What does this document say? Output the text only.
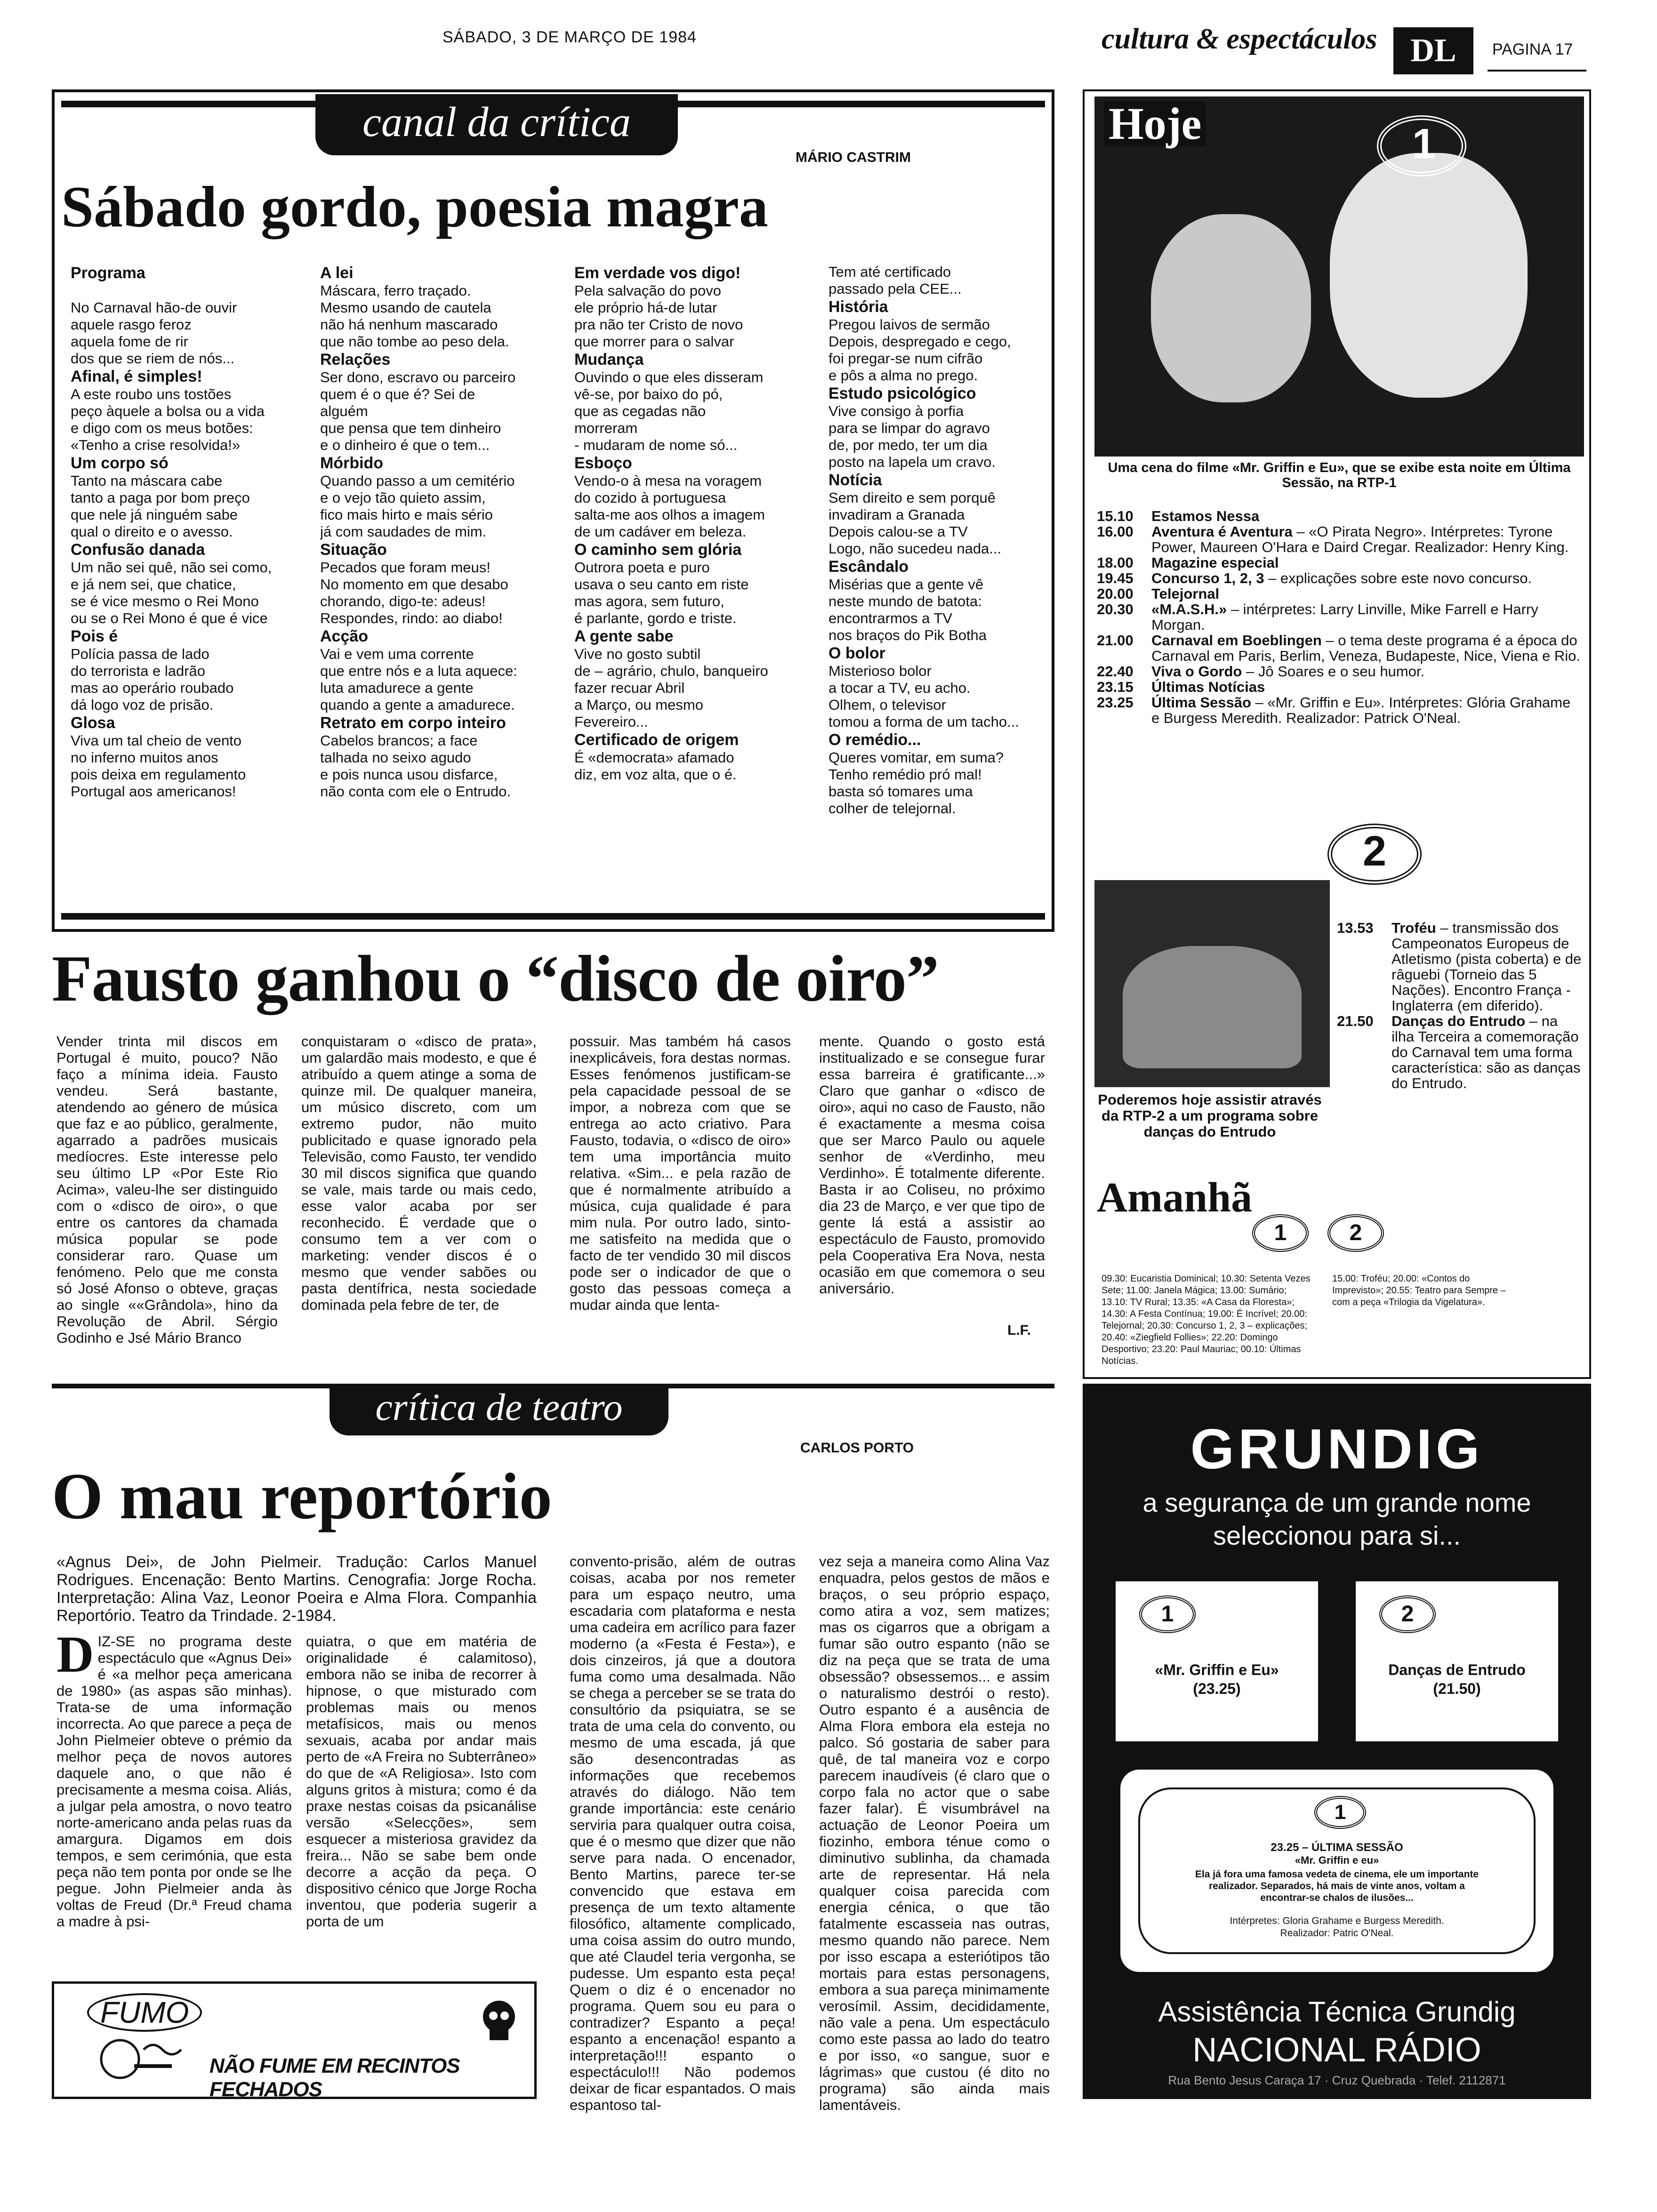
SÁBADO, 3 DE MARÇO DE 1984	cultura & espectáculos	DL	PAGINA 17
canal da crítica
MÁRIO CASTRIM
Sábado gordo, poesia magra
Programa

No Carnaval hão-de ouvir
aquele rasgo feroz
aquela fome de rir
dos que se riem de nós...
Afinal, é simples!
A este roubo uns tostões
peço àquele a bolsa ou a vida
e digo com os meus botões:
«Tenho a crise resolvida!»
Um corpo só
Tanto na máscara cabe
tanto a paga por bom preço
que nele já ninguém sabe
qual o direito e o avesso.
Confusão danada
Um não sei quê, não sei como,
e já nem sei, que chatice,
se é vice mesmo o Rei Mono
ou se o Rei Mono é que é vice
Pois é
Polícia passa de lado
do terrorista e ladrão
mas ao operário roubado
dá logo voz de prisão.
Glosa
Viva um tal cheio de vento
no inferno muitos anos
pois deixa em regulamento
Portugal aos americanos!
A lei
Máscara, ferro traçado.
Mesmo usando de cautela
não há nenhum mascarado
que não tombe ao peso dela.
Relações
Ser dono, escravo ou parceiro
quem é o que é? Sei de
alguém
que pensa que tem dinheiro
e o dinheiro é que o tem...
Mórbido
Quando passo a um cemitério
e o vejo tão quieto assim,
fico mais hirto e mais sério
já com saudades de mim.
Situação
Pecados que foram meus!
No momento em que desabo
chorando, digo-te: adeus!
Respondes, rindo: ao diabo!
Acção
Vai e vem uma corrente
que entre nós e a luta aquece:
luta amadurece a gente
quando a gente a amadurece.
Retrato em corpo inteiro
Cabelos brancos; a face
talhada no seixo agudo
e pois nunca usou disfarce,
não conta com ele o Entrudo.
Em verdade vos digo!
Pela salvação do povo
ele próprio há-de lutar
pra não ter Cristo de novo
que morrer para o salvar
Mudança
Ouvindo o que eles disseram
vê-se, por baixo do pó,
que as cegadas não
morreram
- mudaram de nome só...
Esboço
Vendo-o à mesa na voragem
do cozido à portuguesa
salta-me aos olhos a imagem
de um cadáver em beleza.
O caminho sem glória
Outrora poeta e puro
usava o seu canto em riste
mas agora, sem futuro,
é parlante, gordo e triste.
A gente sabe
Vive no gosto subtil
de – agrário, chulo, banqueiro
fazer recuar Abril
a Março, ou mesmo
Fevereiro...
Certificado de origem
É «democrata» afamado
diz, em voz alta, que o é.
Tem até certificado
passado pela CEE...
História
Pregou laivos de sermão
Depois, despregado e cego,
foi pregar-se num cifrão
e pôs a alma no prego.
Estudo psicológico
Vive consigo à porfia
para se limpar do agravo
de, por medo, ter um dia
posto na lapela um cravo.
Notícia
Sem direito e sem porquê
invadiram a Granada
Depois calou-se a TV
Logo, não sucedeu nada...
Escândalo
Misérias que a gente vê
neste mundo de batota:
encontrarmos a TV
nos braços do Pik Botha
O bolor
Misterioso bolor
a tocar a TV, eu acho.
Olhem, o televisor
tomou a forma de um tacho...
O remédio...
Queres vomitar, em suma?
Tenho remédio pró mal!
basta só tomares uma
colher de telejornal.
Fausto ganhou o “disco de oiro”
Vender trinta mil discos em Portugal é muito, pouco? Não faço a mínima ideia. Fausto vendeu. Será bastante, atendendo ao género de música que faz e ao público, geralmente, agarrado a padrões musicais medíocres. Este interesse pelo seu último LP «Por Este Rio Acima», valeu-lhe ser distinguido com o «disco de oiro», o que entre os cantores da chamada música popular se pode considerar raro. Quase um fenómeno. Pelo que me consta só José Afonso o obteve, graças ao single ««Grândola», hino da Revolução de Abril. Sérgio Godinho e Jsé Mário Branco
conquistaram o «disco de prata», um galardão mais modesto, e que é atribuído a quem atinge a soma de quinze mil. De qualquer maneira, um músico discreto, com um extremo pudor, não muito publicitado e quase ignorado pela Televisão, como Fausto, ter vendido 30 mil discos significa que quando se vale, mais tarde ou mais cedo, esse valor acaba por ser reconhecido. É verdade que o consumo tem a ver com o marketing: vender discos é o mesmo que vender sabões ou pasta dentífrica, nesta sociedade dominada pela febre de ter, de
possuir. Mas também há casos inexplicáveis, fora destas normas. Esses fenómenos justificam-se pela capacidade pessoal de se impor, a nobreza com que se entrega ao acto criativo. Para Fausto, todavia, o «disco de oiro» tem uma importância muito relativa. «Sim... e pela razão de que é normalmente atribuído a música, cuja qualidade é para mim nula. Por outro lado, sinto-me satisfeito na medida que o facto de ter vendido 30 mil discos pode ser o indicador de que o gosto das pessoas começa a mudar ainda que lenta-
mente. Quando o gosto está institualizado e se consegue furar essa barreira é gratificante...» Claro que ganhar o «disco de oiro», aqui no caso de Fausto, não é exactamente a mesma coisa que ser Marco Paulo ou aquele senhor de «Verdinho, meu Verdinho». É totalmente diferente. Basta ir ao Coliseu, no próximo dia 23 de Março, e ver que tipo de gente lá está a assistir ao espectáculo de Fausto, promovido pela Cooperativa Era Nova, nesta ocasião em que comemora o seu aniversário.
L.F.
crítica de teatro
CARLOS PORTO
O mau reportório
«Agnus Dei», de John Pielmeir. Tradução: Carlos Manuel Rodrigues. Encenação: Bento Martins. Cenografia: Jorge Rocha. Interpretação: Alina Vaz, Leonor Poeira e Alma Flora. Companhia Reportório. Teatro da Trindade. 2-1984.
D IZ-SE no programa deste espectáculo que «Agnus Dei» é «a melhor peça americana de 1980» (as aspas são minhas). Trata-se de uma informação incorrecta. Ao que parece a peça de John Pielmeier obteve o prémio da melhor peça de novos autores daquele ano, o que não é precisamente a mesma coisa. Aliás, a julgar pela amostra, o novo teatro norte-americano anda pelas ruas da amargura. Digamos em dois tempos, e sem cerimónia, que esta peça não tem ponta por onde se lhe pegue. John Pielmeier anda às voltas de Freud (Dr.ª Freud chama a madre à psi-
quiatra, o que em matéria de originalidade é calamitoso), embora não se iniba de recorrer à hipnose, o que misturado com problemas mais ou menos metafísicos, mais ou menos sexuais, acaba por andar mais perto de «A Freira no Subterrâneo» do que de «A Religiosa». Isto com alguns gritos à mistura; como é da praxe nestas coisas da psicanálise versão «Selecções», sem esquecer a misteriosa gravidez da freira... Não se sabe bem onde decorre a acção da peça. O dispositivo cénico que Jorge Rocha inventou, que poderia sugerir a porta de um
convento-prisão, além de outras coisas, acaba por nos remeter para um espaço neutro, uma escadaria com plataforma e nesta uma cadeira em acrílico para fazer moderno (a «Festa é Festa»), e dois cinzeiros, já que a doutora fuma como uma desalmada. Não se chega a perceber se se trata do consultório da psiquiatra, se se trata de uma cela do convento, ou mesmo de uma escada, já que são desencontradas as informações que recebemos através do diálogo. Não tem grande importância: este cenário serviria para qualquer outra coisa, que é o mesmo que dizer que não serve para nada. O encenador, Bento Martins, parece ter-se convencido que estava em presença de um texto altamente filosófico, altamente complicado, uma coisa assim do outro mundo, que até Claudel teria vergonha, se pudesse. Um espanto esta peça! Quem o diz é o encenador no programa. Quem sou eu para o contradizer? Espanto a peça! espanto a encenação! espanto a interpretação!!! espanto o espectáculo!!! Não podemos deixar de ficar espantados. O mais espantoso tal-
vez seja a maneira como Alina Vaz enquadra, pelos gestos de mãos e braços, o seu próprio espaço, como atira a voz, sem matizes; mas os cigarros que a obrigam a fumar são outro espanto (não se diz na peça que se trata de uma obsessão? obsessemos... e assim o naturalismo destrói o resto). Outro espanto é a ausência de Alma Flora embora ela esteja no palco. Só gostaria de saber para quê, de tal maneira voz e corpo parecem inaudíveis (é claro que o corpo fala no actor que o sabe fazer falar). É visumbrável na actuação de Leonor Poeira um fiozinho, embora ténue como o diminutivo sublinha, da chamada arte de representar. Há nela qualquer coisa parecida com energia cénica, o que tão fatalmente escasseia nas outras, mesmo quando não parece. Nem por isso escapa a esteriótipos tão mortais para estas personagens, embora a sua pareça minimamente verosímil. Assim, decididamente, não vale a pena. Um espectáculo como este passa ao lado do teatro e por isso, «o sangue, suor e lágrimas» que custou (é dito no programa) são ainda mais lamentáveis.
FUMO
NÃO FUME EM RECINTOS FECHADOS
Hoje	1
Uma cena do filme «Mr. Griffin e Eu», que se exibe esta noite em Última Sessão, na RTP-1
15.10	Estamos Nessa
16.00	Aventura é Aventura – «O Pirata Negro». Intérpretes: Tyrone Power, Maureen O'Hara e Daird Cregar. Realizador: Henry King.
18.00	Magazine especial
19.45	Concurso 1, 2, 3 – explicações sobre este novo concurso.
20.00	Telejornal
20.30	«M.A.S.H.» – intérpretes: Larry Linville, Mike Farrell e Harry Morgan.
21.00	Carnaval em Boeblingen – o tema deste programa é a época do Carnaval em Paris, Berlim, Veneza, Budapeste, Nice, Viena e Rio.
22.40	Viva o Gordo – Jô Soares e o seu humor.
23.15	Últimas Notícias
23.25	Última Sessão – «Mr. Griffin e Eu». Intérpretes: Glória Grahame e Burgess Meredith. Realizador: Patrick O'Neal.
2
Poderemos hoje assistir através da RTP-2 a um programa sobre danças do Entrudo
13.53	Troféu – transmissão dos Campeonatos Europeus de Atletismo (pista coberta) e de râguebi (Torneio das 5 Nações). Encontro França - Inglaterra (em diferido).
21.50	Danças do Entrudo – na ilha Terceira a comemoração do Carnaval tem uma forma característica: são as danças do Entrudo.
Amanhã
1	2
09.30: Eucaristia Dominical; 10.30: Setenta Vezes Sete; 11.00: Janela Mágica; 13.00: Sumário; 13.10: TV Rural; 13.35: «A Casa da Floresta»; 14.30: A Festa Contínua; 19.00: É Incrível; 20.00: Telejornal; 20.30: Concurso 1, 2, 3 – explicações; 20.40: «Ziegfield Follies»; 22.20: Domingo Desportivo; 23.20: Paul Mauriac; 00.10: Últimas Notícias.
15.00: Troféu; 20.00: «Contos do Imprevisto»; 20.55: Teatro para Sempre – com a peça «Trilogia da Vigelatura».
GRUNDIG
a segurança de um grande nome
seleccionou para si...
1
«Mr. Griffin e Eu»
(23.25)
2
Danças de Entrudo
(21.50)
1
23.25 – ÚLTIMA SESSÃO
«Mr. Griffin e eu»
Ela já fora uma famosa vedeta de cinema, ele um importante realizador. Separados, há mais de vinte anos, voltam a encontrar-se chalos de ilusões...
Intérpretes: Gloria Grahame e Burgess Meredith.
Realizador: Patric O'Neal.
Assistência Técnica Grundig
NACIONAL RÁDIO
Rua Bento Jesus Caraça 17 · Cruz Quebrada · Telef. 2112871
